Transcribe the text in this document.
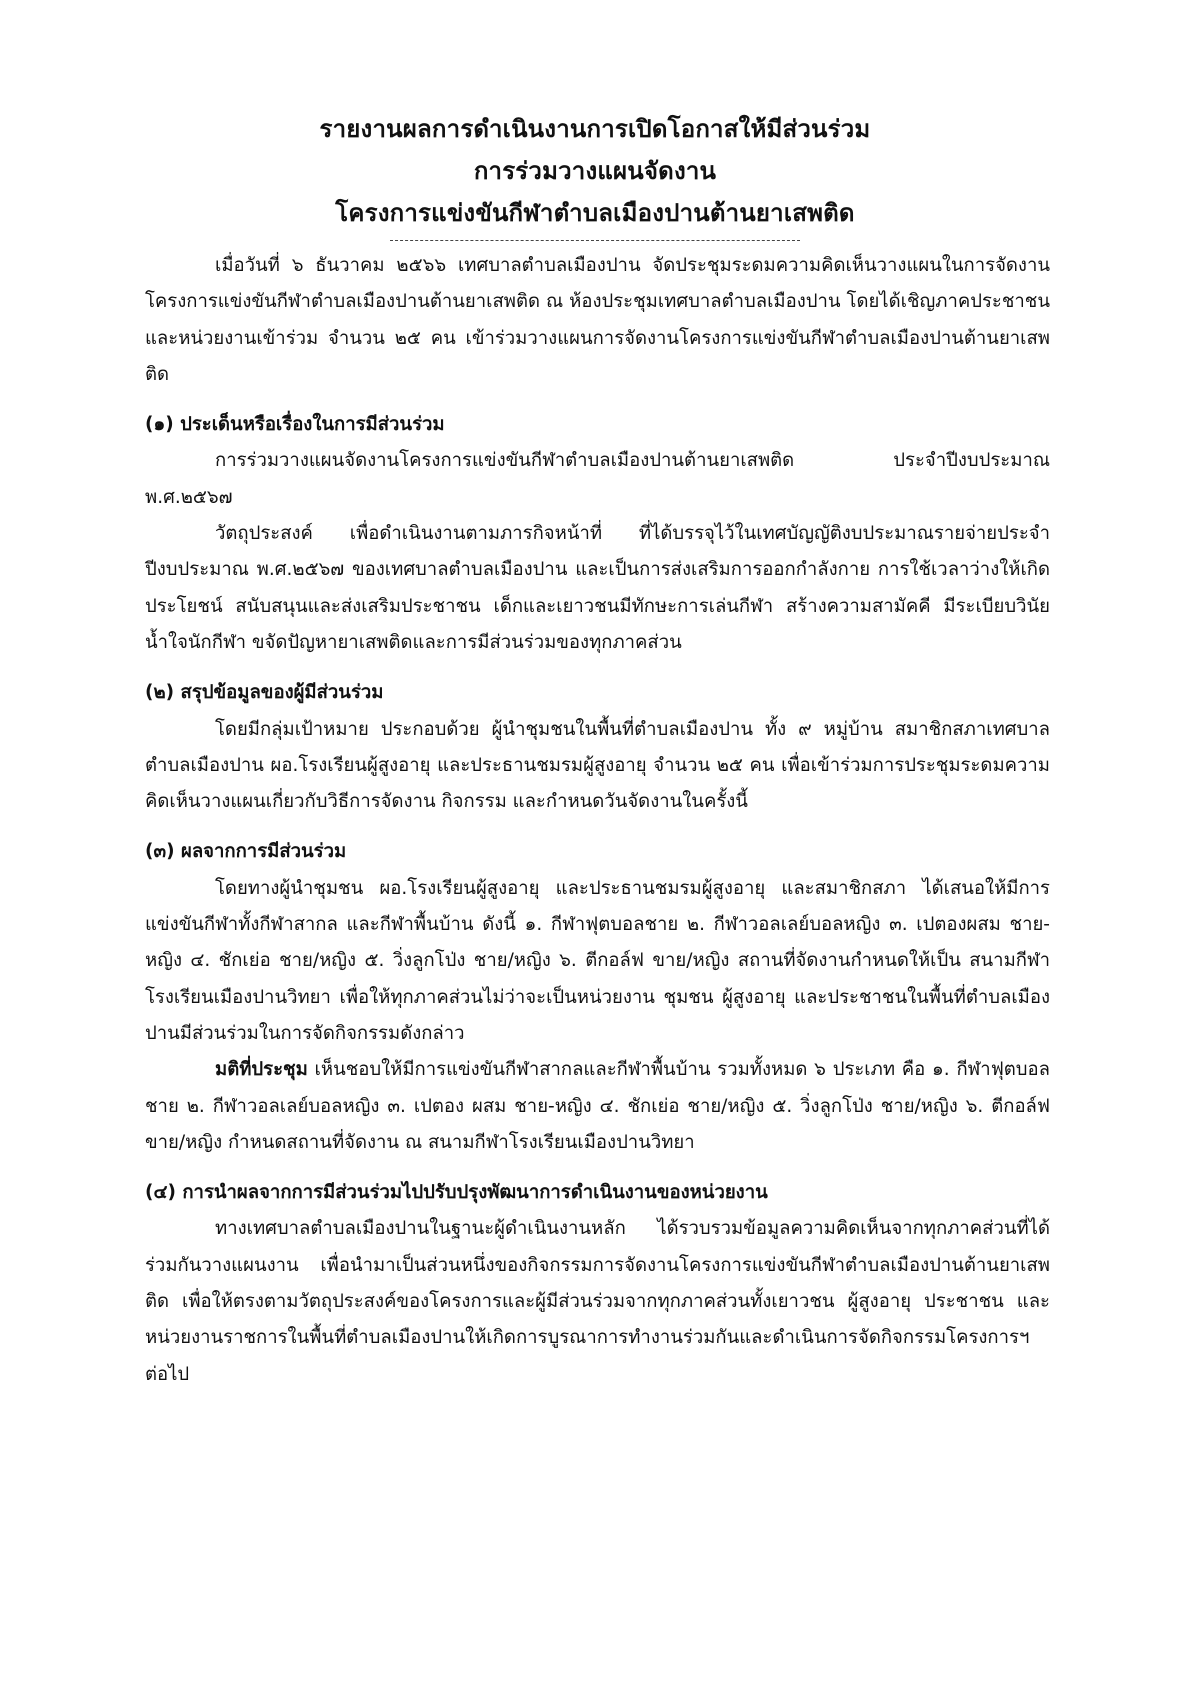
รายงานผลการดำเนินงานการเปิดโอกาสให้มีส่วนร่วม
การร่วมวางแผนจัดงาน
โครงการแข่งขันกีฬาตำบลเมืองปานต้านยาเสพติด

เมื่อวันที่ ๖ ธันวาคม ๒๕๖๖ เทศบาลตำบลเมืองปาน จัดประชุมระดมความคิดเห็นวางแผนในการจัดงานโครงการแข่งขันกีฬาตำบลเมืองปานต้านยาเสพติด ณ ห้องประชุมเทศบาลตำบลเมืองปาน โดยได้เชิญภาคประชาชนและหน่วยงานเข้าร่วม จำนวน ๒๕ คน เข้าร่วมวางแผนการจัดงานโครงการแข่งขันกีฬาตำบลเมืองปานต้านยาเสพติด

(๑) ประเด็นหรือเรื่องในการมีส่วนร่วม

การร่วมวางแผนจัดงานโครงการแข่งขันกีฬาตำบลเมืองปานต้านยาเสพติด ประจำปีงบประมาณ พ.ศ.๒๕๖๗

วัตถุประสงค์ เพื่อดำเนินงานตามภารกิจหน้าที่ ที่ได้บรรจุไว้ในเทศบัญญัติงบประมาณรายจ่ายประจำปีงบประมาณ พ.ศ.๒๕๖๗ ของเทศบาลตำบลเมืองปาน และเป็นการส่งเสริมการออกกำลังกาย การใช้เวลาว่างให้เกิดประโยชน์ สนับสนุนและส่งเสริมประชาชน เด็กและเยาวชนมีทักษะการเล่นกีฬา สร้างความสามัคคี มีระเบียบวินัย น้ำใจนักกีฬา ขจัดปัญหายาเสพติดและการมีส่วนร่วมของทุกภาคส่วน

(๒) สรุปข้อมูลของผู้มีส่วนร่วม

โดยมีกลุ่มเป้าหมาย ประกอบด้วย ผู้นำชุมชนในพื้นที่ตำบลเมืองปาน ทั้ง ๙ หมู่บ้าน สมาชิกสภาเทศบาลตำบลเมืองปาน ผอ.โรงเรียนผู้สูงอายุ และประธานชมรมผู้สูงอายุ จำนวน ๒๕ คน เพื่อเข้าร่วมการประชุมระดมความคิดเห็นวางแผนเกี่ยวกับวิธีการจัดงาน กิจกรรม และกำหนดวันจัดงานในครั้งนี้

(๓) ผลจากการมีส่วนร่วม

โดยทางผู้นำชุมชน ผอ.โรงเรียนผู้สูงอายุ และประธานชมรมผู้สูงอายุ และสมาชิกสภา ได้เสนอให้มีการแข่งขันกีฬาทั้งกีฬาสากล และกีฬาพื้นบ้าน ดังนี้ ๑. กีฬาฟุตบอลชาย ๒. กีฬาวอลเลย์บอลหญิง ๓. เปตองผสม ชาย-หญิง ๔. ชักเย่อ ชาย/หญิง ๕. วิ่งลูกโป่ง ชาย/หญิง ๖. ตีกอล์ฟ ขาย/หญิง สถานที่จัดงานกำหนดให้เป็น สนามกีฬาโรงเรียนเมืองปานวิทยา เพื่อให้ทุกภาคส่วนไม่ว่าจะเป็นหน่วยงาน ชุมชน ผู้สูงอายุ และประชาชนในพื้นที่ตำบลเมืองปานมีส่วนร่วมในการจัดกิจกรรมดังกล่าว

มติที่ประชุม เห็นชอบให้มีการแข่งขันกีฬาสากลและกีฬาพื้นบ้าน รวมทั้งหมด ๖ ประเภท คือ ๑. กีฬาฟุตบอลชาย ๒. กีฬาวอลเลย์บอลหญิง ๓. เปตอง ผสม ชาย-หญิง ๔. ชักเย่อ ชาย/หญิง ๕. วิ่งลูกโป่ง ชาย/หญิง ๖. ตีกอล์ฟ ขาย/หญิง กำหนดสถานที่จัดงาน ณ สนามกีฬาโรงเรียนเมืองปานวิทยา

(๔) การนำผลจากการมีส่วนร่วมไปปรับปรุงพัฒนาการดำเนินงานของหน่วยงาน

ทางเทศบาลตำบลเมืองปานในฐานะผู้ดำเนินงานหลัก ได้รวบรวมข้อมูลความคิดเห็นจากทุกภาคส่วนที่ได้ร่วมกันวางแผนงาน เพื่อนำมาเป็นส่วนหนึ่งของกิจกรรมการจัดงานโครงการแข่งขันกีฬาตำบลเมืองปานต้านยาเสพติด เพื่อให้ตรงตามวัตถุประสงค์ของโครงการและผู้มีส่วนร่วมจากทุกภาคส่วนทั้งเยาวชน ผู้สูงอายุ ประชาชน และหน่วยงานราชการในพื้นที่ตำบลเมืองปานให้เกิดการบูรณาการทำงานร่วมกันและดำเนินการจัดกิจกรรมโครงการฯ ต่อไป
